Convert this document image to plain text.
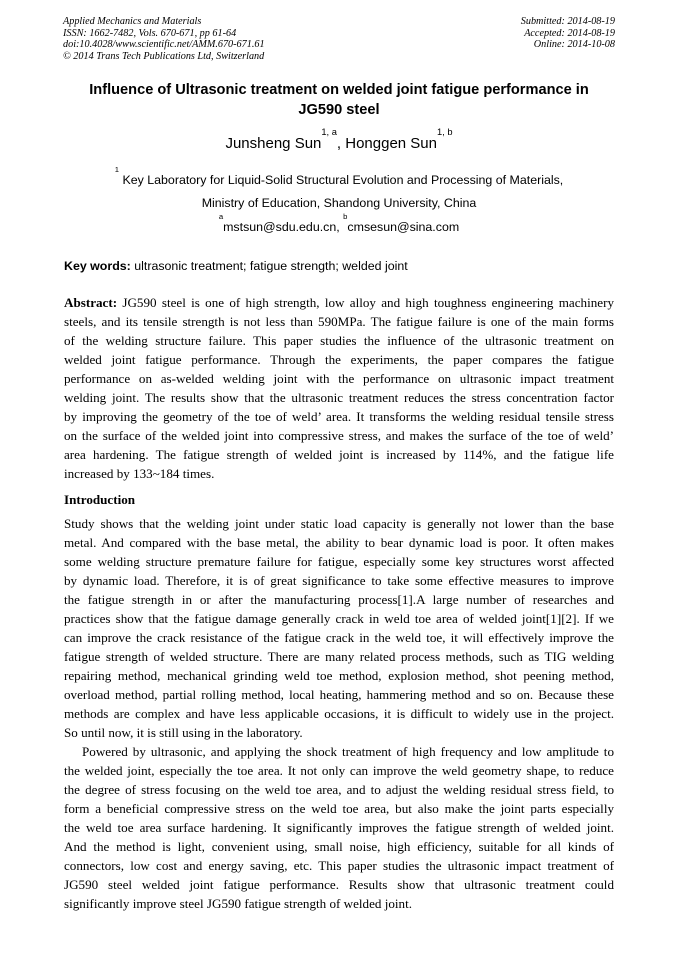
Applied Mechanics and Materials
ISSN: 1662-7482, Vols. 670-671, pp 61-64
doi:10.4028/www.scientific.net/AMM.670-671.61
© 2014 Trans Tech Publications Ltd, Switzerland
Submitted: 2014-08-19
Accepted: 2014-08-19
Online: 2014-10-08
Influence of Ultrasonic treatment on welded joint fatigue performance in
JG590 steel
Junsheng Sun$^{1, a}$, Honggen Sun$^{1, b}$
$^1$ Key Laboratory for Liquid-Solid Structural Evolution and Processing of Materials,
Ministry of Education, Shandong University, China
$^a$mstsun@sdu.edu.cn, $^b$cmsesun@sina.com
Key words: ultrasonic treatment; fatigue strength; welded joint
Abstract: JG590 steel is one of high strength, low alloy and high toughness engineering machinery
steels, and its tensile strength is not less than 590MPa. The fatigue failure is one of the main forms
of the welding structure failure. This paper studies the influence of the ultrasonic treatment on
welded joint fatigue performance. Through the experiments, the paper compares the fatigue
performance on as-welded welding joint with the performance on ultrasonic impact treatment
welding joint. The results show that the ultrasonic treatment reduces the stress concentration factor
by improving the geometry of the toe of weld’ area. It transforms the welding residual tensile stress
on the surface of the welded joint into compressive stress, and makes the surface of the toe of weld’
area hardening. The fatigue strength of welded joint is increased by 114%, and the fatigue life
increased by 133~184 times.
Introduction
Study shows that the welding joint under static load capacity is generally not lower than the base
metal. And compared with the base metal, the ability to bear dynamic load is poor. It often makes
some welding structure premature failure for fatigue, especially some key structures worst affected
by dynamic load. Therefore, it is of great significance to take some effective measures to improve
the fatigue strength in or after the manufacturing process[1].A large number of researches and
practices show that the fatigue damage generally crack in weld toe area of welded joint[1][2]. If we
can improve the crack resistance of the fatigue crack in the weld toe, it will effectively improve the
fatigue strength of welded structure. There are many related process methods, such as TIG welding
repairing method, mechanical grinding weld toe method, explosion method, shot peening method,
overload method, partial rolling method, local heating, hammering method and so on. Because these
methods are complex and have less applicable occasions, it is difficult to widely use in the project.
So until now, it is still using in the laboratory.
Powered by ultrasonic, and applying the shock treatment of high frequency and low amplitude to
the welded joint, especially the toe area. It not only can improve the weld geometry shape, to reduce
the degree of stress focusing on the weld toe area, and to adjust the welding residual stress field, to
form a beneficial compressive stress on the weld toe area, but also make the joint parts especially
the weld toe area surface hardening. It significantly improves the fatigue strength of welded joint.
And the method is light, convenient using, small noise, high efficiency, suitable for all kinds of
connectors, low cost and energy saving, etc. This paper studies the ultrasonic impact treatment of
JG590 steel welded joint fatigue performance. Results show that ultrasonic treatment could
significantly improve steel JG590 fatigue strength of welded joint.
